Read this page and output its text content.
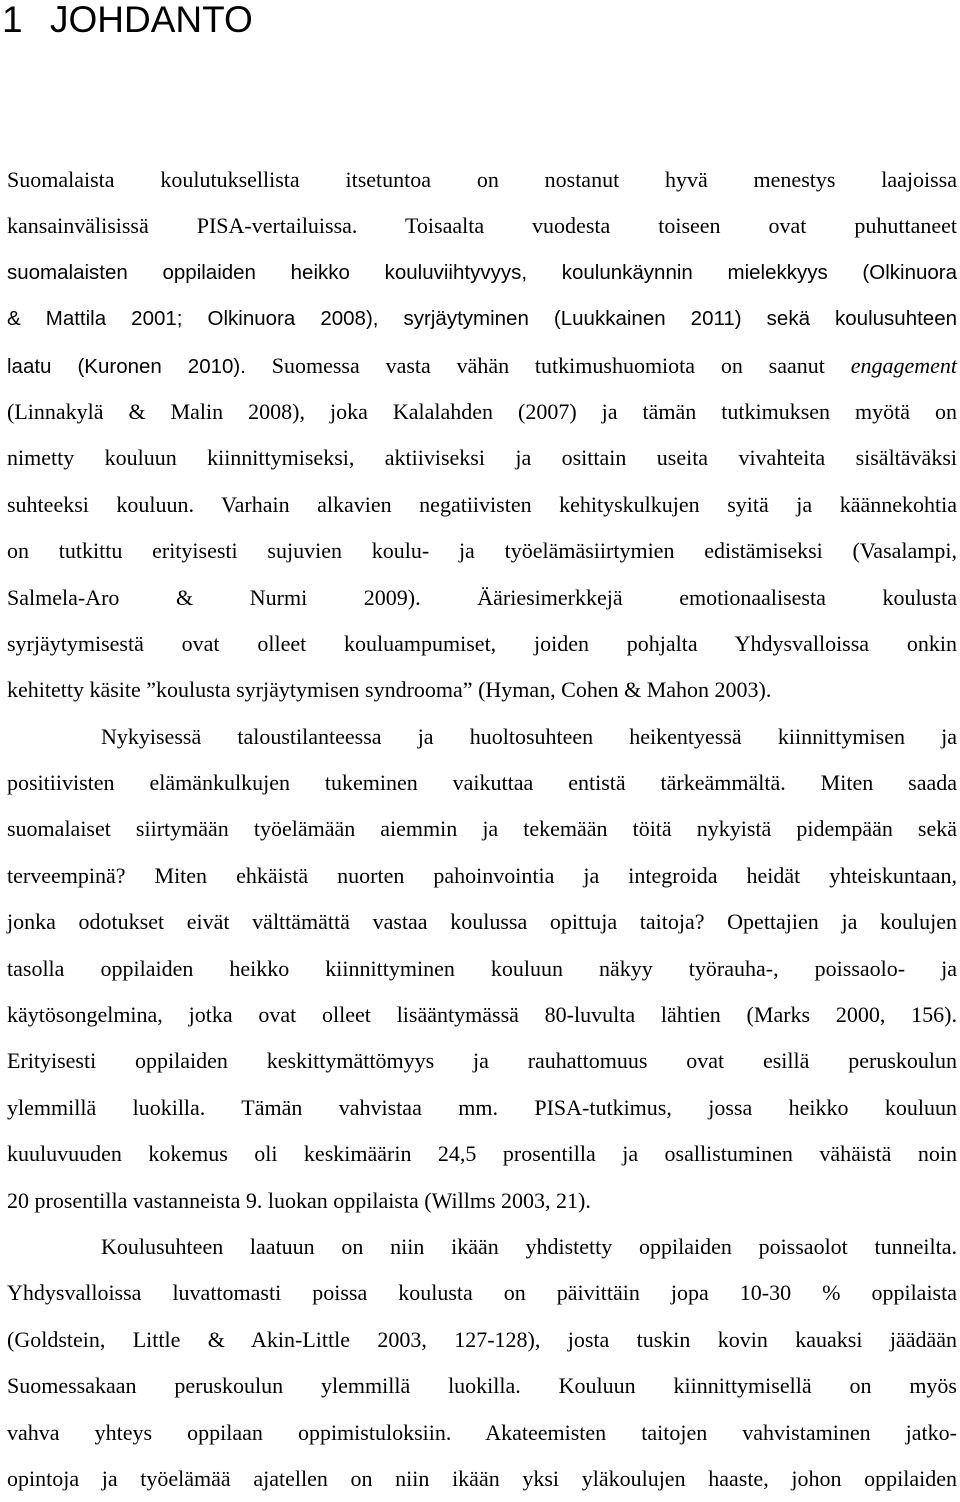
1 JOHDANTO
Suomalaista koulutuksellista itsetuntoa on nostanut hyvä menestys laajoissa
kansainvälisissä PISA-vertailuissa. Toisaalta vuodesta toiseen ovat puhuttaneet
suomalaisten oppilaiden heikko kouluviihtyvyys, koulunkäynnin mielekkyys (Olkinuora
& Mattila 2001; Olkinuora 2008), syrjäytyminen (Luukkainen 2011) sekä koulusuhteen
laatu (Kuronen 2010). Suomessa vasta vähän tutkimushuomiota on saanut engagement
(Linnakylä & Malin 2008), joka Kalalahden (2007) ja tämän tutkimuksen myötä on
nimetty kouluun kiinnittymiseksi, aktiiviseksi ja osittain useita vivahteita sisältäväksi
suhteeksi kouluun. Varhain alkavien negatiivisten kehityskulkujen syitä ja käännekohtia
on tutkittu erityisesti sujuvien koulu- ja työelämäsiirtymien edistämiseksi (Vasalampi,
Salmela-Aro & Nurmi 2009). Ääriesimerkkejä emotionaalisesta koulusta
syrjäytymisestä ovat olleet kouluampumiset, joiden pohjalta Yhdysvalloissa onkin
kehitetty käsite ”koulusta syrjäytymisen syndrooma” (Hyman, Cohen & Mahon 2003).
Nykyisessä taloustilanteessa ja huoltosuhteen heikentyessä kiinnittymisen ja
positiivisten elämänkulkujen tukeminen vaikuttaa entistä tärkeämmältä. Miten saada
suomalaiset siirtymään työelämään aiemmin ja tekemään töitä nykyistä pidempään sekä
terveempinä? Miten ehkäistä nuorten pahoinvointia ja integroida heidät yhteiskuntaan,
jonka odotukset eivät välttämättä vastaa koulussa opittuja taitoja? Opettajien ja koulujen
tasolla oppilaiden heikko kiinnittyminen kouluun näkyy työrauha-, poissaolo- ja
käytösongelmina, jotka ovat olleet lisääntymässä 80-luvulta lähtien (Marks 2000, 156).
Erityisesti oppilaiden keskittymättömyys ja rauhattomuus ovat esillä peruskoulun
ylemmillä luokilla. Tämän vahvistaa mm. PISA-tutkimus, jossa heikko kouluun
kuuluvuuden kokemus oli keskimäärin 24,5 prosentilla ja osallistuminen vähäistä noin
20 prosentilla vastanneista 9. luokan oppilaista (Willms 2003, 21).
Koulusuhteen laatuun on niin ikään yhdistetty oppilaiden poissaolot tunneilta.
Yhdysvalloissa luvattomasti poissa koulusta on päivittäin jopa 10-30 % oppilaista
(Goldstein, Little & Akin-Little 2003, 127-128), josta tuskin kovin kauaksi jäädään
Suomessakaan peruskoulun ylemmillä luokilla. Kouluun kiinnittymisellä on myös
vahva yhteys oppilaan oppimistuloksiin. Akateemisten taitojen vahvistaminen jatko-
opintoja ja työelämää ajatellen on niin ikään yksi yläkoulujen haaste, johon oppilaiden
